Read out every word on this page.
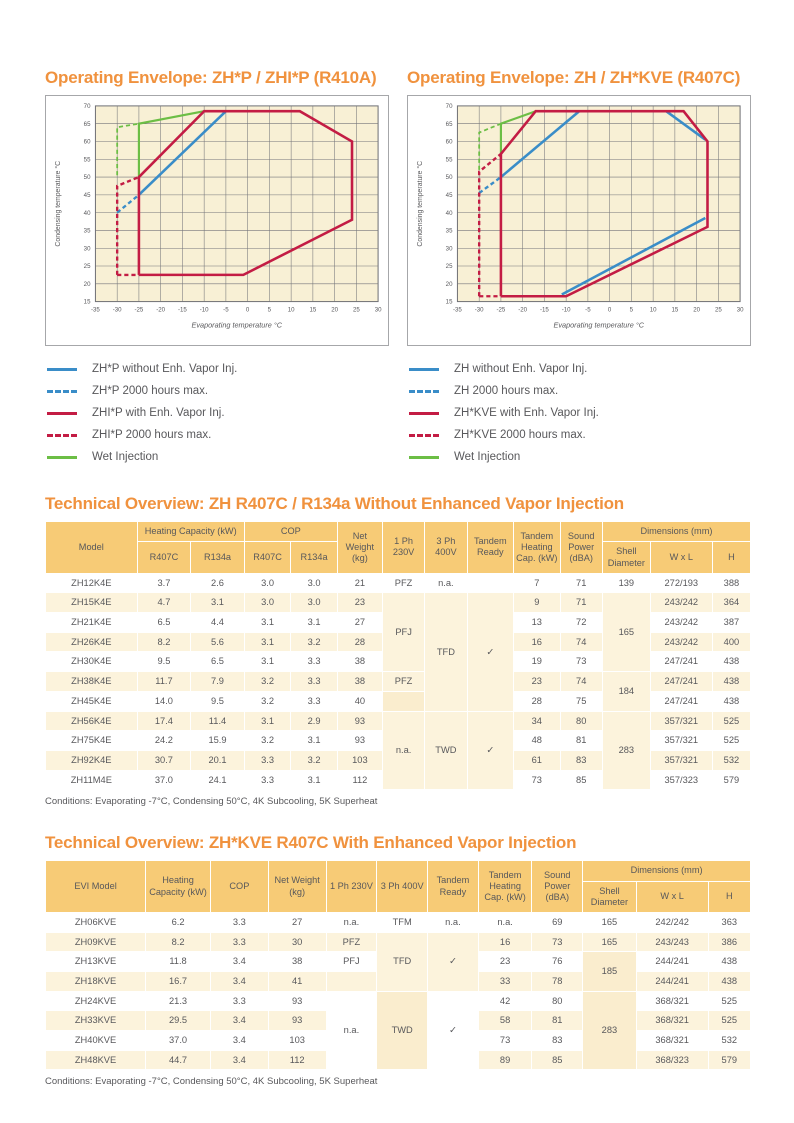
Operating Envelope: ZH*P / ZHI*P (R410A)
-35 -30 -25 -20 -15 -10 -5	0	5	10 15 20 25 30
15
20
25
30
35
40
45
50
55
60
65
70
Condensing temperature °C
Evaporating temperature °C
ZH*P without Enh. Vapor Inj.
ZH*P 2000 hours max.
ZHI*P with Enh. Vapor Inj.
ZHI*P 2000 hours max.
Wet Injection
Operating Envelope: ZH / ZH*KVE (R407C)
-35 -30 -25 -20 -15 -10 -5	0	5	10 15 20 25 30
15
20
25
30
35
40
45
50
55
60
65
70
Condensing temperature °C
Evaporating temperature °C
ZH without Enh. Vapor Inj.
ZH 2000 hours max.
ZH*KVE with Enh. Vapor Inj.
ZH*KVE 2000 hours max.
Wet Injection
Technical Overview: ZH R407C / R134a Without Enhanced Vapor Injection
Model	Heating Capacity (kW)		COP		Net Weight (kg)	1 Ph 230V	3 Ph 400V	Tandem Ready	Tandem Heating Cap. (kW)	Sound Power (dBA)	Dimensions (mm)		
	R407C	R134a	R407C	R134a							Shell Diameter	W x L	H
ZH12K4E	3.7	2.6	3.0	3.0	21	PFZ	n.a.		7	71	139	272/193	388
ZH15K4E	4.7	3.1	3.0	3.0	23	PFJ	TFD	✓	9	71	165	243/242	364
ZH21K4E	6.5	4.4	3.1	3.1	27				13	72		243/242	387
ZH26K4E	8.2	5.6	3.1	3.2	28				16	74		243/242	400
ZH30K4E	9.5	6.5	3.1	3.3	38				19	73		247/241	438
ZH38K4E	11.7	7.9	3.2	3.3	38	PFZ			23	74	184	247/241	438
ZH45K4E	14.0	9.5	3.2	3.3	40				28	75		247/241	438
ZH56K4E	17.4	11.4	3.1	2.9	93	n.a.	TWD	✓	34	80	283	357/321	525
ZH75K4E	24.2	15.9	3.2	3.1	93				48	81		357/321	525
ZH92K4E	30.7	20.1	3.3	3.2	103				61	83		357/321	532
ZH11M4E	37.0	24.1	3.3	3.1	112				73	85		357/323	579
Conditions: Evaporating -7°C, Condensing 50°C, 4K Subcooling, 5K Superheat
Technical Overview: ZH*KVE R407C With Enhanced Vapor Injection
EVI Model	Heating Capacity (kW)	COP	Net Weight (kg)	1 Ph 230V	3 Ph 400V	Tandem Ready	Tandem Heating Cap. (kW)	Sound Power (dBA)	Dimensions (mm)		
									Shell Diameter	W x L	H
ZH06KVE	6.2	3.3	27	n.a.	TFM	n.a.	n.a.	69	165	242/242	363
ZH09KVE	8.2	3.3	30	PFZ	TFD	✓	16	73	165	243/243	386
ZH13KVE	11.8	3.4	38	PFJ			23	76	185	244/241	438
ZH18KVE	16.7	3.4	41				33	78		244/241	438
ZH24KVE	21.3	3.3	93	n.a.	TWD	✓	42	80	283	368/321	525
ZH33KVE	29.5	3.4	93				58	81		368/321	525
ZH40KVE	37.0	3.4	103				73	83		368/321	532
ZH48KVE	44.7	3.4	112				89	85		368/323	579
Conditions: Evaporating -7°C, Condensing 50°C, 4K Subcooling, 5K Superheat
